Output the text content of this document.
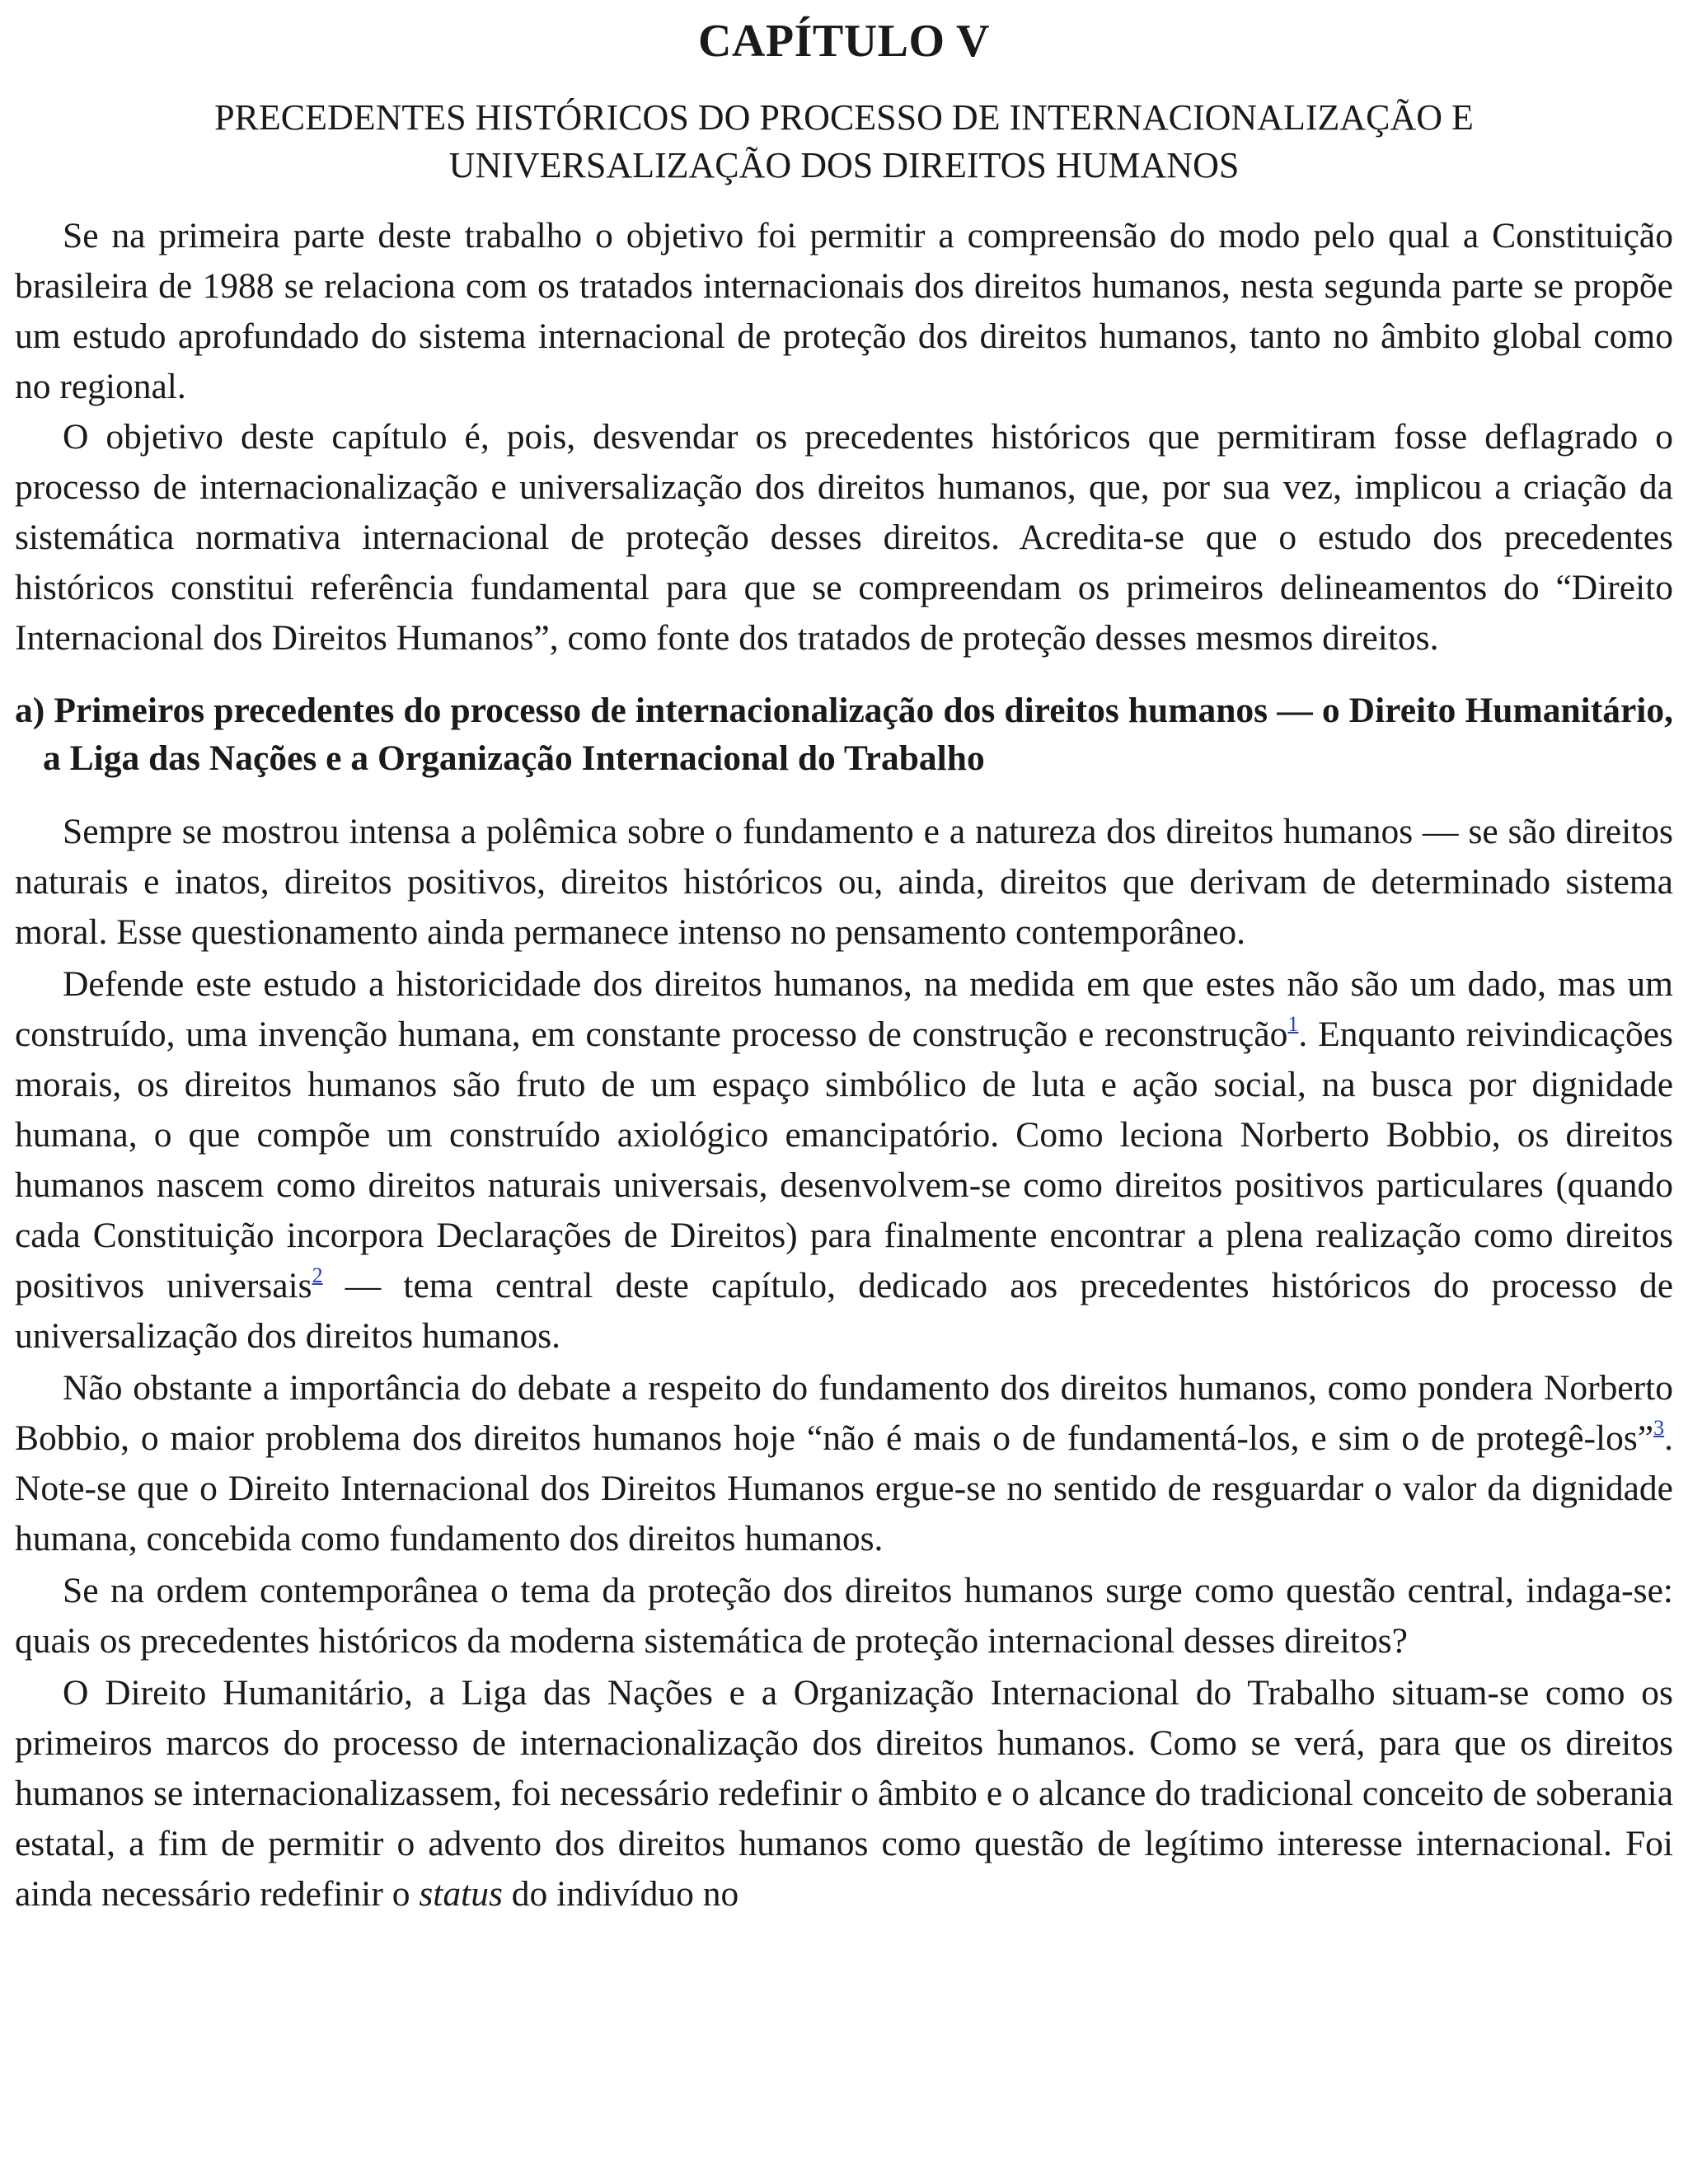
CAPÍTULO V
PRECEDENTES HISTÓRICOS DO PROCESSO DE INTERNACIONALIZAÇÃO E
UNIVERSALIZAÇÃO DOS DIREITOS HUMANOS

Se na primeira parte deste trabalho o objetivo foi permitir a compreensão do modo pelo qual a Constituição brasileira de 1988 se relaciona com os tratados internacionais dos direitos humanos, nesta segunda parte se propõe um estudo aprofundado do sistema internacional de proteção dos direitos humanos, tanto no âmbito global como no regional.

O objetivo deste capítulo é, pois, desvendar os precedentes históricos que permitiram fosse deflagrado o processo de internacionalização e universalização dos direitos humanos, que, por sua vez, implicou a criação da sistemática normativa internacional de proteção desses direitos. Acredita-se que o estudo dos precedentes históricos constitui referência fundamental para que se compreendam os primeiros delineamentos do “Direito Internacional dos Direitos Humanos”, como fonte dos tratados de proteção desses mesmos direitos.

a) Primeiros precedentes do processo de internacionalização dos direitos humanos — o Direito Humanitário, a Liga das Nações e a Organização Internacional do Trabalho

Sempre se mostrou intensa a polêmica sobre o fundamento e a natureza dos direitos humanos — se são direitos naturais e inatos, direitos positivos, direitos históricos ou, ainda, direitos que derivam de determinado sistema moral. Esse questionamento ainda permanece intenso no pensamento contemporâneo.

Defende este estudo a historicidade dos direitos humanos, na medida em que estes não são um dado, mas um construído, uma invenção humana, em constante processo de construção e reconstrução$^1$. Enquanto reivindicações morais, os direitos humanos são fruto de um espaço simbólico de luta e ação social, na busca por dignidade humana, o que compõe um construído axiológico emancipatório. Como leciona Norberto Bobbio, os direitos humanos nascem como direitos naturais universais, desenvolvem-se como direitos positivos particulares (quando cada Constituição incorpora Declarações de Direitos) para finalmente encontrar a plena realização como direitos positivos universais$^2$ — tema central deste capítulo, dedicado aos precedentes históricos do processo de universalização dos direitos humanos.

Não obstante a importância do debate a respeito do fundamento dos direitos humanos, como pondera Norberto Bobbio, o maior problema dos direitos humanos hoje “não é mais o de fundamentá-los, e sim o de protegê-los”$^3$. Note-se que o Direito Internacional dos Direitos Humanos ergue-se no sentido de resguardar o valor da dignidade humana, concebida como fundamento dos direitos humanos.

Se na ordem contemporânea o tema da proteção dos direitos humanos surge como questão central, indaga-se: quais os precedentes históricos da moderna sistemática de proteção internacional desses direitos?

O Direito Humanitário, a Liga das Nações e a Organização Internacional do Trabalho situam-se como os primeiros marcos do processo de internacionalização dos direitos humanos. Como se verá, para que os direitos humanos se internacionalizassem, foi necessário redefinir o âmbito e o alcance do tradicional conceito de soberania estatal, a fim de permitir o advento dos direitos humanos como questão de legítimo interesse internacional. Foi ainda necessário redefinir o status do indivíduo no
